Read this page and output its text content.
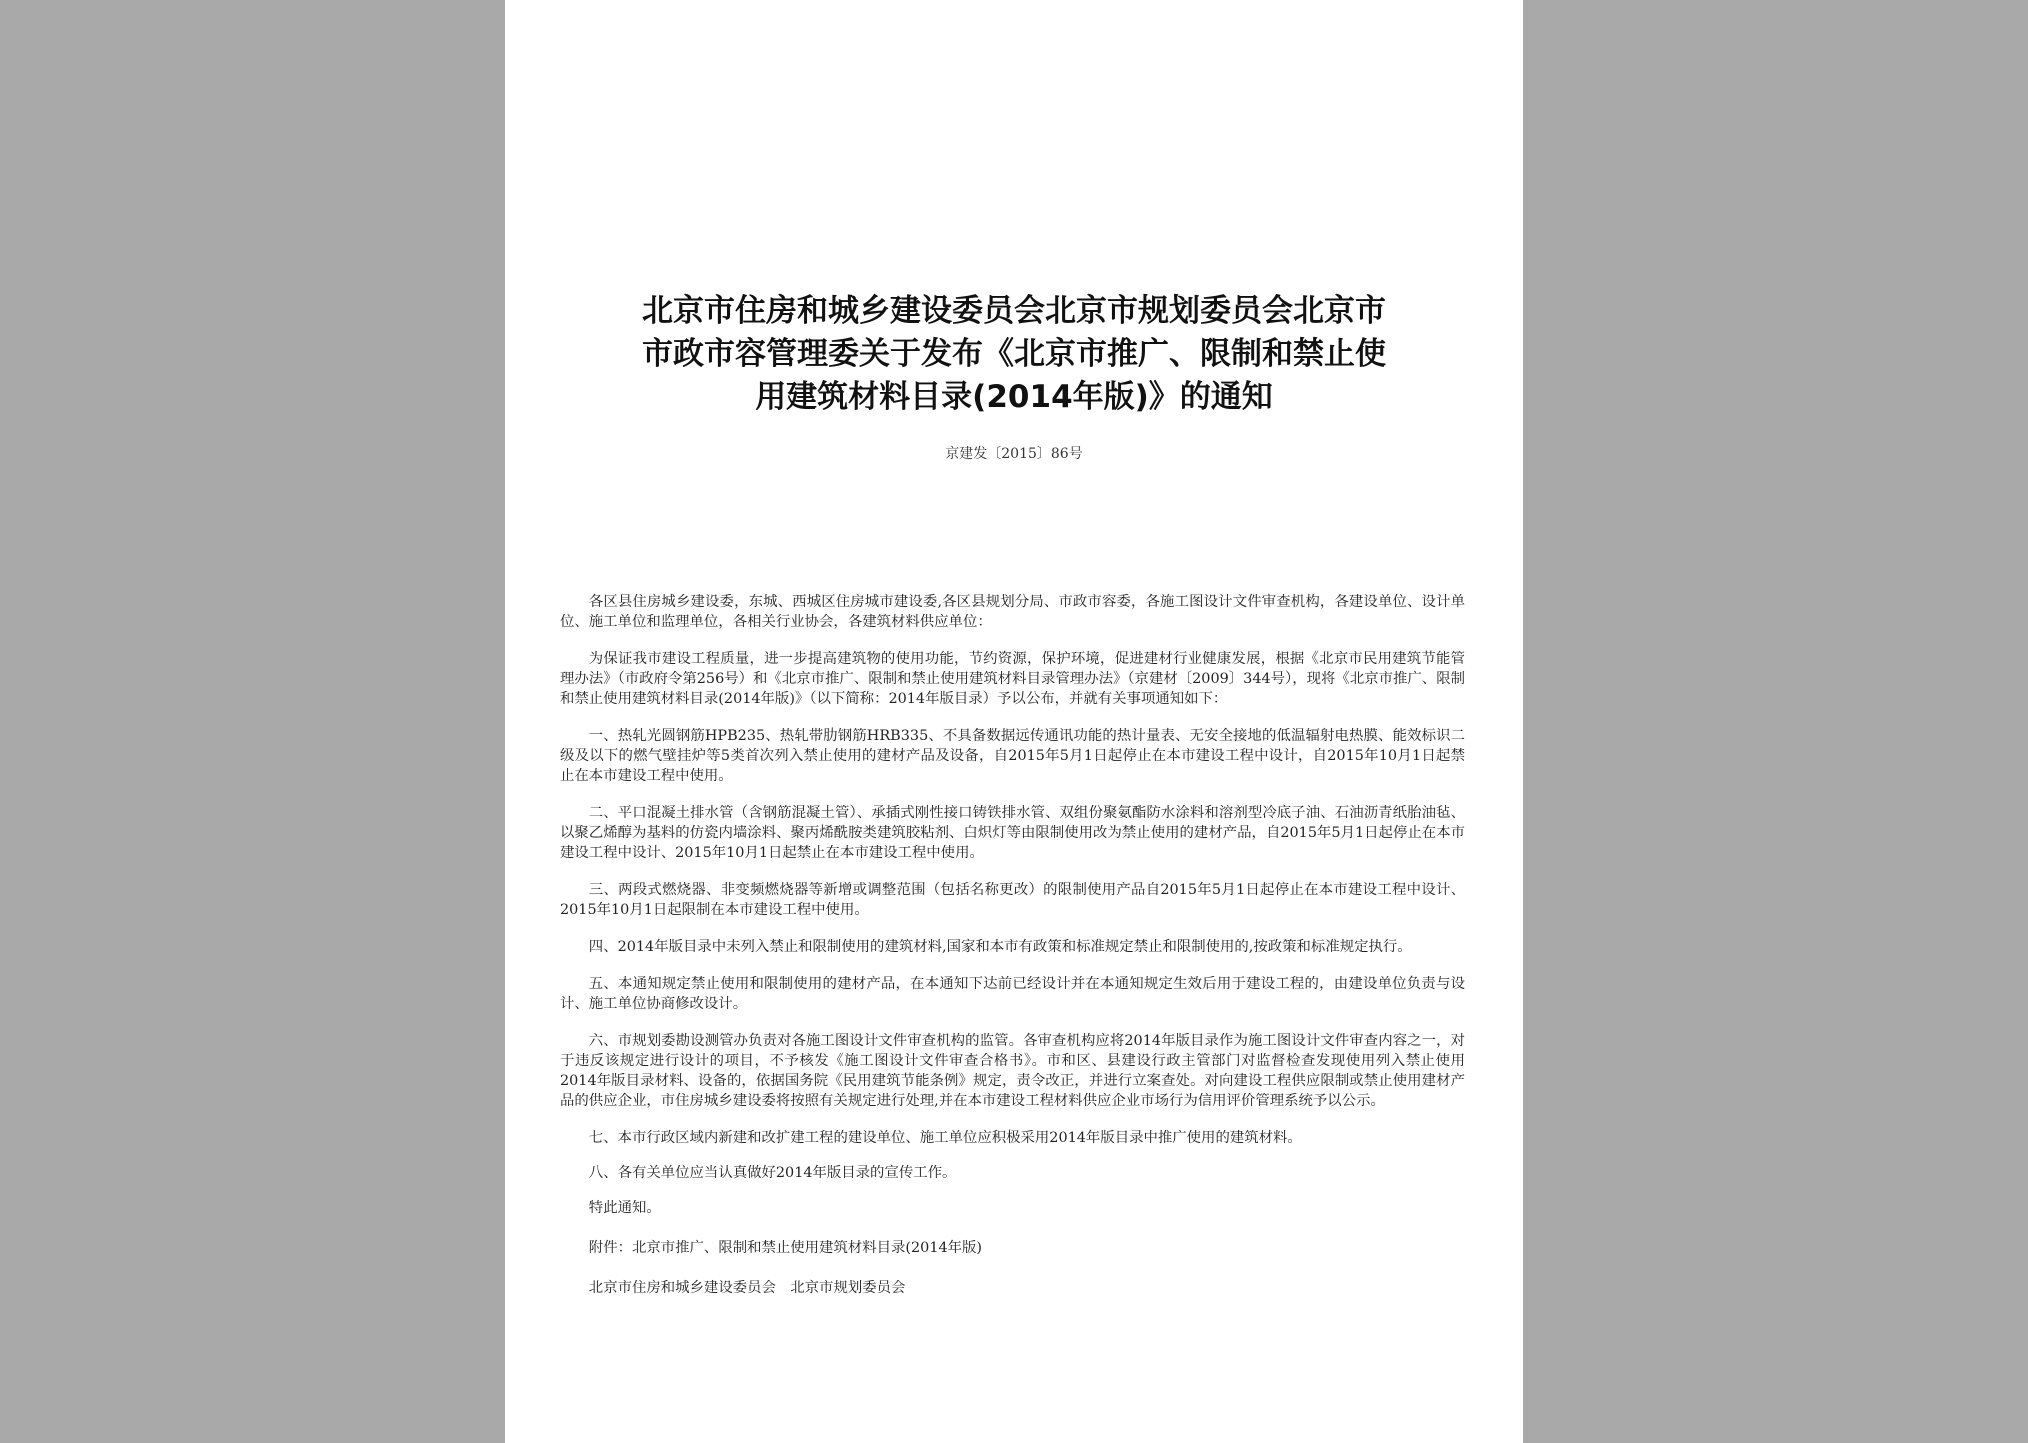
北京市住房和城乡建设委员会北京市规划委员会北京市
市政市容管理委关于发布《北京市推广、限制和禁止使
用建筑材料目录(2014年版)》的通知
京建发〔2015〕86号

各区县住房城乡建设委，东城、西城区住房城市建设委,各区县规划分局、市政市容委，各施工图设计文件审查机构，各建设单位、设计单位、施工单位和监理单位，各相关行业协会，各建筑材料供应单位：

为保证我市建设工程质量，进一步提高建筑物的使用功能，节约资源，保护环境，促进建材行业健康发展，根据《北京市民用建筑节能管理办法》（市政府令第256号）和《北京市推广、限制和禁止使用建筑材料目录管理办法》（京建材〔2009〕344号），现将《北京市推广、限制和禁止使用建筑材料目录(2014年版)》（以下简称：2014年版目录）予以公布，并就有关事项通知如下：

一、热轧光圆钢筋HPB235、热轧带肋钢筋HRB335、不具备数据远传通讯功能的热计量表、无安全接地的低温辐射电热膜、能效标识二级及以下的燃气壁挂炉等5类首次列入禁止使用的建材产品及设备，自2015年5月1日起停止在本市建设工程中设计，自2015年10月1日起禁止在本市建设工程中使用。

二、平口混凝土排水管（含钢筋混凝土管）、承插式刚性接口铸铁排水管、双组份聚氨酯防水涂料和溶剂型冷底子油、石油沥青纸胎油毡、以聚乙烯醇为基料的仿瓷内墙涂料、聚丙烯酰胺类建筑胶粘剂、白炽灯等由限制使用改为禁止使用的建材产品，自2015年5月1日起停止在本市建设工程中设计、2015年10月1日起禁止在本市建设工程中使用。

三、两段式燃烧器、非变频燃烧器等新增或调整范围（包括名称更改）的限制使用产品自2015年5月1日起停止在本市建设工程中设计、2015年10月1日起限制在本市建设工程中使用。

四、2014年版目录中未列入禁止和限制使用的建筑材料,国家和本市有政策和标准规定禁止和限制使用的,按政策和标准规定执行。

五、本通知规定禁止使用和限制使用的建材产品，在本通知下达前已经设计并在本通知规定生效后用于建设工程的，由建设单位负责与设计、施工单位协商修改设计。

六、市规划委勘设测管办负责对各施工图设计文件审查机构的监管。各审查机构应将2014年版目录作为施工图设计文件审查内容之一，对于违反该规定进行设计的项目，不予核发《施工图设计文件审查合格书》。市和区、县建设行政主管部门对监督检查发现使用列入禁止使用2014年版目录材料、设备的，依据国务院《民用建筑节能条例》规定，责令改正，并进行立案查处。对向建设工程供应限制或禁止使用建材产品的供应企业，市住房城乡建设委将按照有关规定进行处理,并在本市建设工程材料供应企业市场行为信用评价管理系统予以公示。

七、本市行政区域内新建和改扩建工程的建设单位、施工单位应积极采用2014年版目录中推广使用的建筑材料。

八、各有关单位应当认真做好2014年版目录的宣传工作。

特此通知。

附件：北京市推广、限制和禁止使用建筑材料目录(2014年版)

北京市住房和城乡建设委员会　北京市规划委员会
